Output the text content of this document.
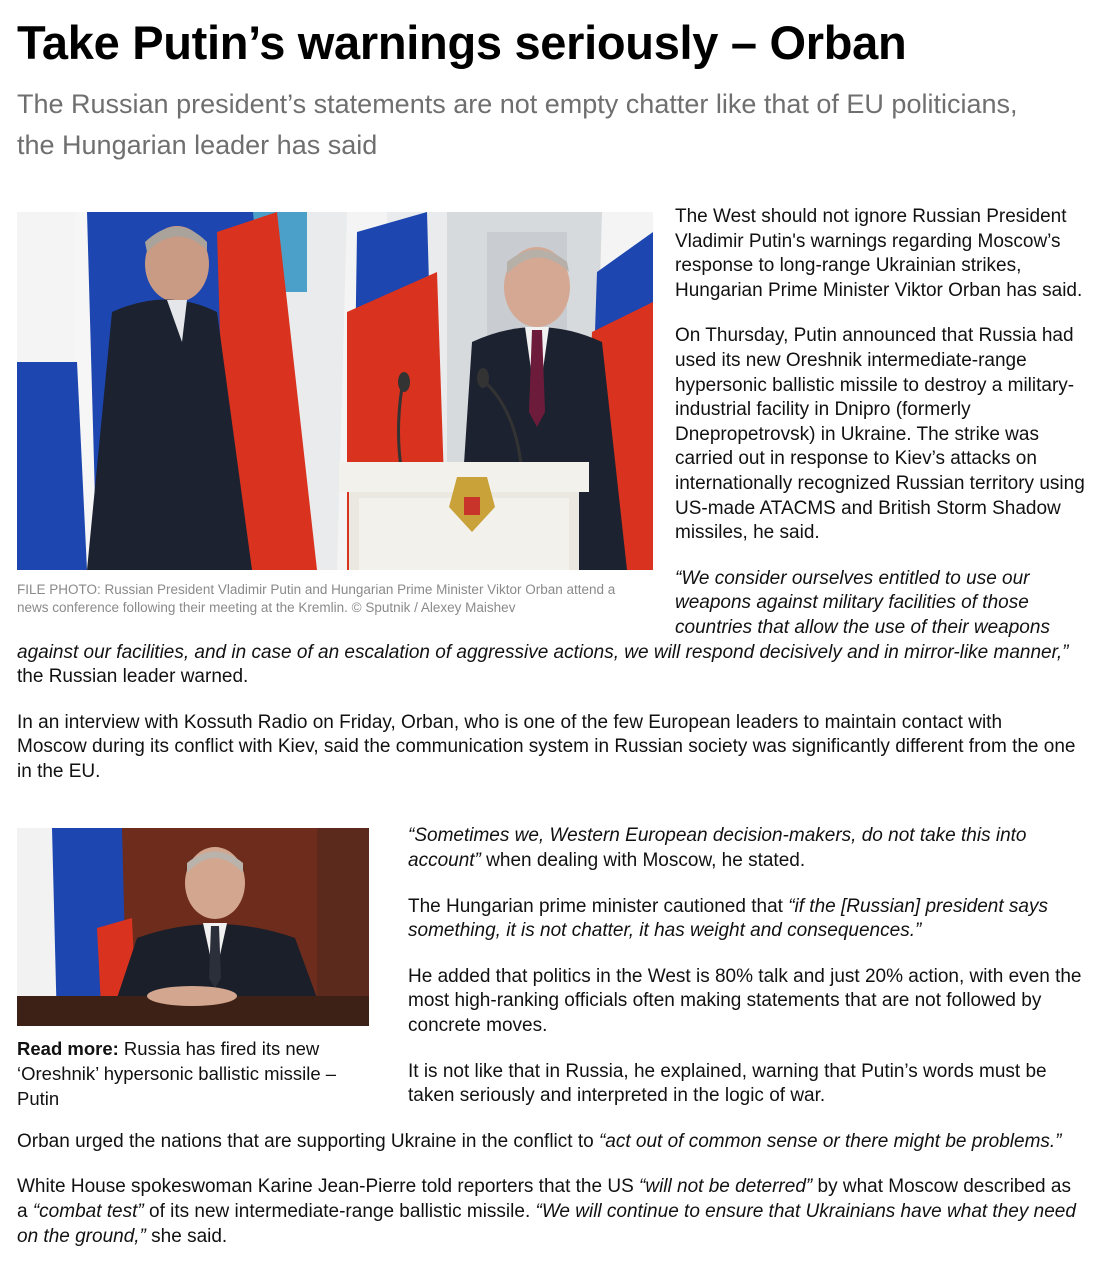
Take Putin’s warnings seriously – Orban
The Russian president’s statements are not empty chatter like that of EU politicians, the Hungarian leader has said
FILE PHOTO: Russian President Vladimir Putin and Hungarian Prime Minister Viktor Orban attend a news conference following their meeting at the Kremlin. © Sputnik / Alexey Maishev

The West should not ignore Russian President Vladimir Putin's warnings regarding Moscow’s response to long-range Ukrainian strikes, Hungarian Prime Minister Viktor Orban has said.

On Thursday, Putin announced that Russia had used its new Oreshnik intermediate-range hypersonic ballistic missile to destroy a military-industrial facility in Dnipro (formerly Dnepropetrovsk) in Ukraine. The strike was carried out in response to Kiev’s attacks on internationally recognized Russian territory using US-made ATACMS and British Storm Shadow missiles, he said.

“We consider ourselves entitled to use our weapons against military facilities of those countries that allow the use of their weapons against our facilities, and in case of an escalation of aggressive actions, we will respond decisively and in mirror-like manner,” the Russian leader warned.

In an interview with Kossuth Radio on Friday, Orban, who is one of the few European leaders to maintain contact with Moscow during its conflict with Kiev, said the communication system in Russian society was significantly different from the one in the EU.

Read more: Russia has fired its new ‘Oreshnik’ hypersonic ballistic missile – Putin

“Sometimes we, Western European decision-makers, do not take this into account” when dealing with Moscow, he stated.

The Hungarian prime minister cautioned that “if the [Russian] president says something, it is not chatter, it has weight and consequences.”

He added that politics in the West is 80% talk and just 20% action, with even the most high-ranking officials often making statements that are not followed by concrete moves.

It is not like that in Russia, he explained, warning that Putin’s words must be taken seriously and interpreted in the logic of war.

Orban urged the nations that are supporting Ukraine in the conflict to “act out of common sense or there might be problems.”

White House spokeswoman Karine Jean-Pierre told reporters that the US “will not be deterred” by what Moscow described as a “combat test” of its new intermediate-range ballistic missile. “We will continue to ensure that Ukrainians have what they need on the ground,” she said.
